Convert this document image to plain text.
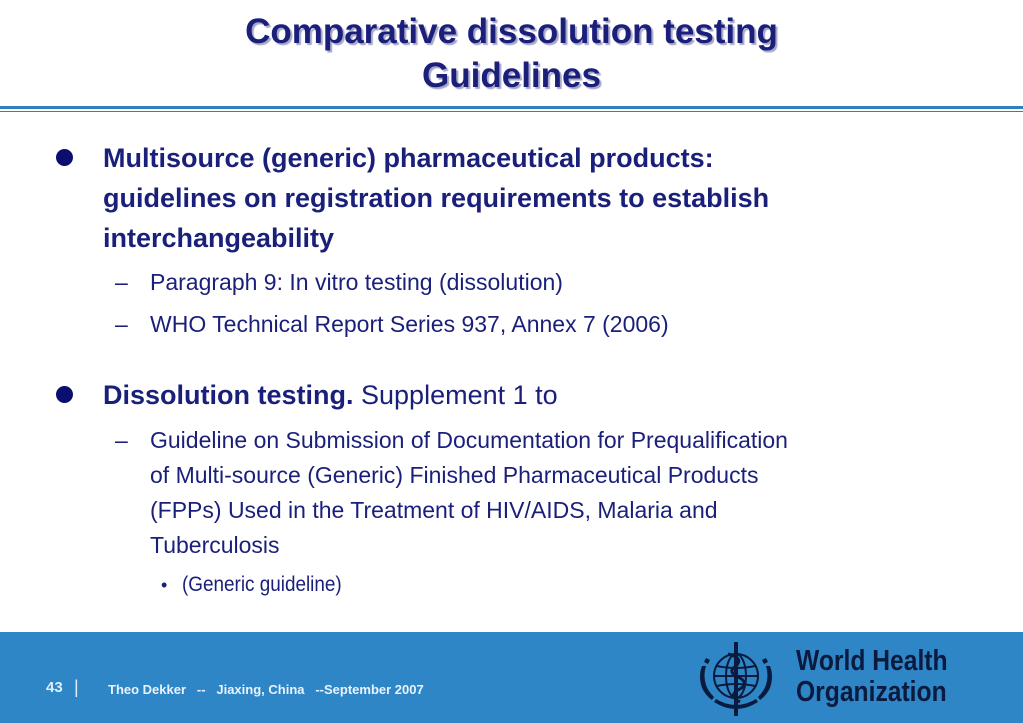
Comparative dissolution testing
Guidelines
Multisource (generic) pharmaceutical products:
guidelines on registration requirements to establish
interchangeability
– Paragraph 9: In vitro testing (dissolution)
– WHO Technical Report Series 937, Annex 7 (2006)
Dissolution testing. Supplement 1 to
– Guideline on Submission of Documentation for Prequalification
of Multi-source (Generic) Finished Pharmaceutical Products
(FPPs) Used in the Treatment of HIV/AIDS, Malaria and
Tuberculosis
• (Generic guideline)
43 | Theo Dekker   --   Jiaxing, China   --September 2007
World Health
Organization
